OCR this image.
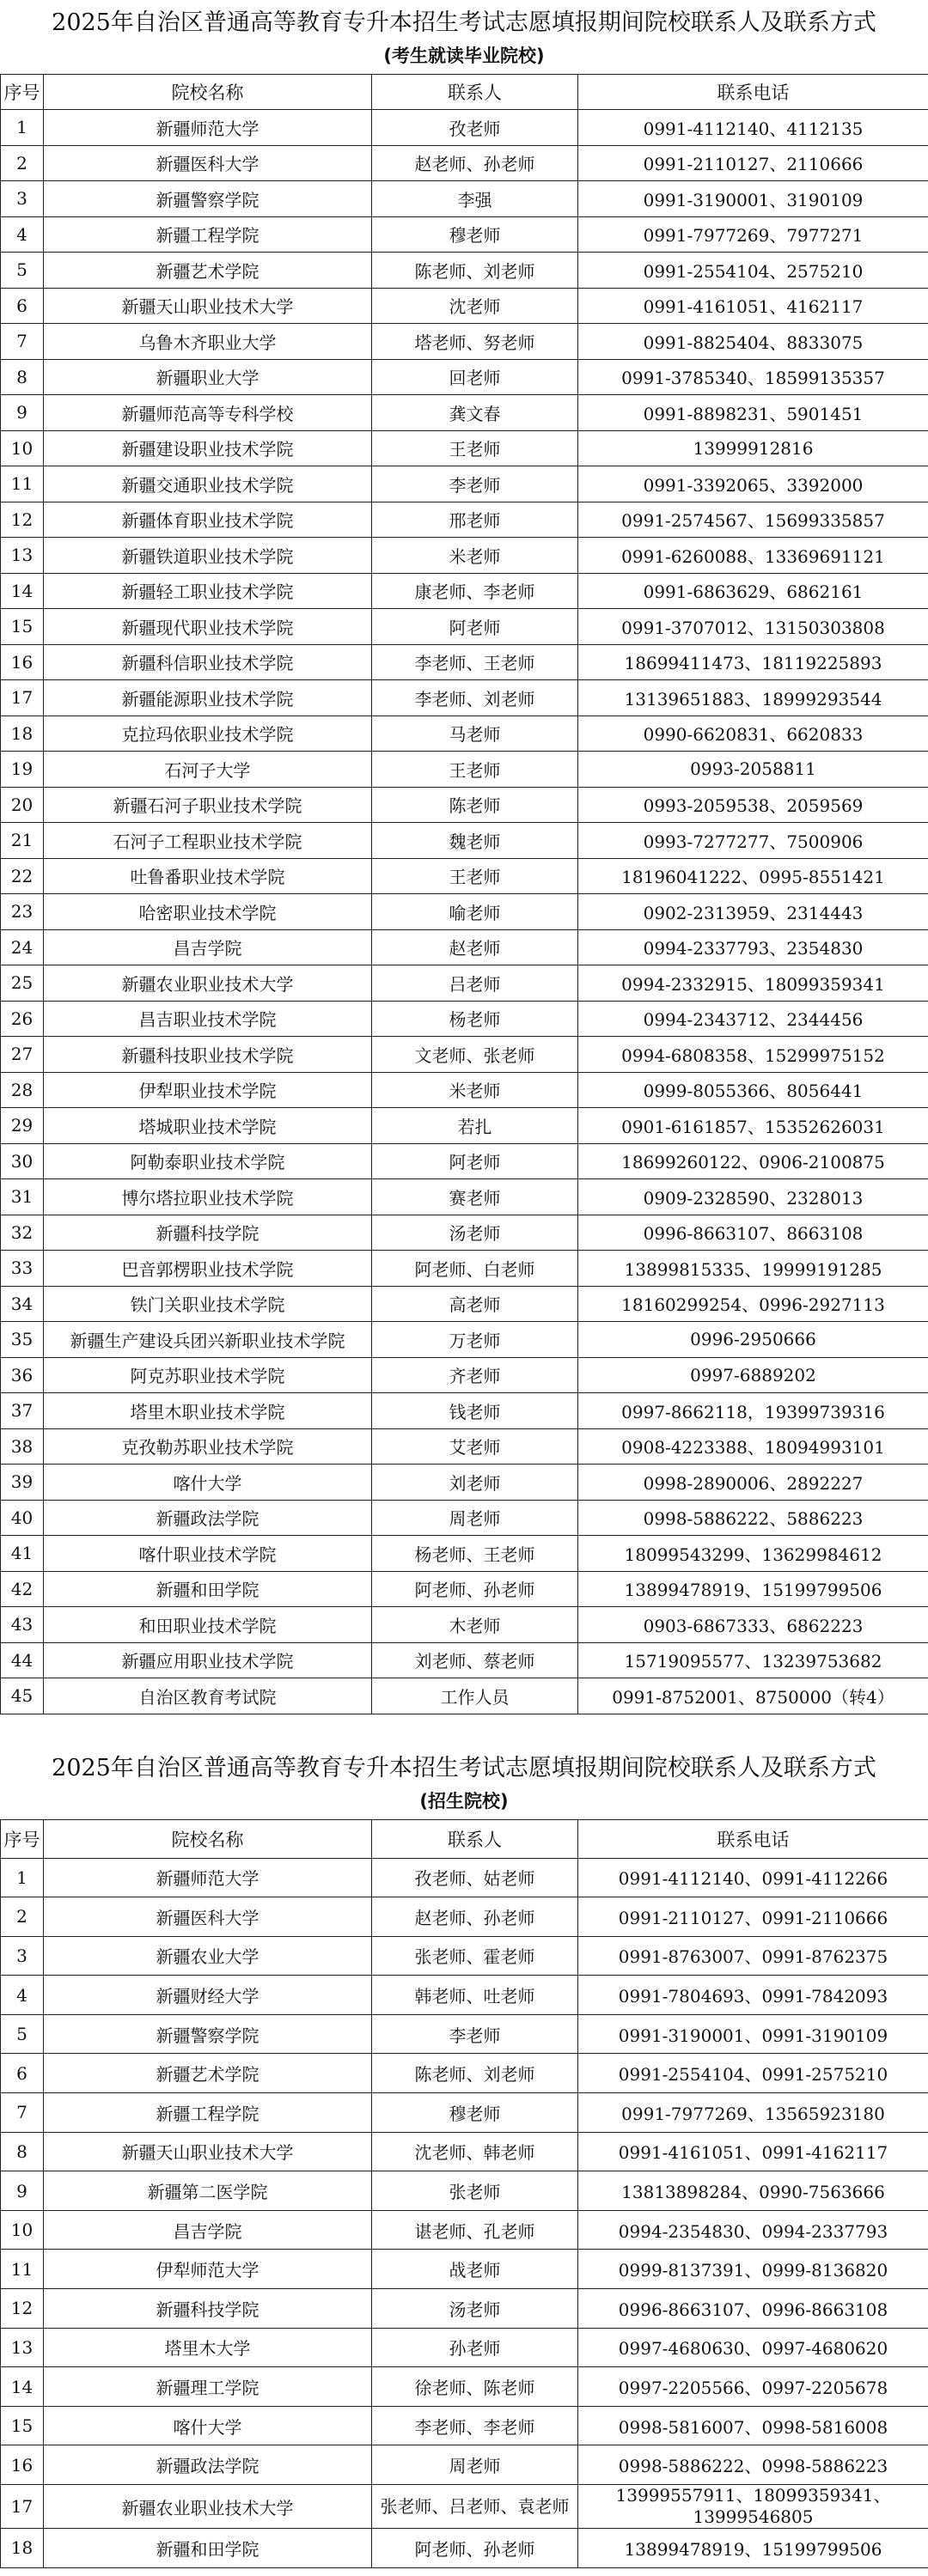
2025年自治区普通高等教育专升本招生考试志愿填报期间院校联系人及联系方式
(考生就读毕业院校)
序号	院校名称	联系人	联系电话
1	新疆师范大学	孜老师	0991-4112140、4112135
2	新疆医科大学	赵老师、孙老师	0991-2110127、2110666
3	新疆警察学院	李强	0991-3190001、3190109
4	新疆工程学院	穆老师	0991-7977269、7977271
5	新疆艺术学院	陈老师、刘老师	0991-2554104、2575210
6	新疆天山职业技术大学	沈老师	0991-4161051、4162117
7	乌鲁木齐职业大学	塔老师、努老师	0991-8825404、8833075
8	新疆职业大学	回老师	0991-3785340、18599135357
9	新疆师范高等专科学校	龚文春	0991-8898231、5901451
10	新疆建设职业技术学院	王老师	13999912816
11	新疆交通职业技术学院	李老师	0991-3392065、3392000
12	新疆体育职业技术学院	邢老师	0991-2574567、15699335857
13	新疆铁道职业技术学院	米老师	0991-6260088、13369691121
14	新疆轻工职业技术学院	康老师、李老师	0991-6863629、6862161
15	新疆现代职业技术学院	阿老师	0991-3707012、13150303808
16	新疆科信职业技术学院	李老师、王老师	18699411473、18119225893
17	新疆能源职业技术学院	李老师、刘老师	13139651883、18999293544
18	克拉玛依职业技术学院	马老师	0990-6620831、6620833
19	石河子大学	王老师	0993-2058811
20	新疆石河子职业技术学院	陈老师	0993-2059538、2059569
21	石河子工程职业技术学院	魏老师	0993-7277277、7500906
22	吐鲁番职业技术学院	王老师	18196041222、0995-8551421
23	哈密职业技术学院	喻老师	0902-2313959、2314443
24	昌吉学院	赵老师	0994-2337793、2354830
25	新疆农业职业技术大学	吕老师	0994-2332915、18099359341
26	昌吉职业技术学院	杨老师	0994-2343712、2344456
27	新疆科技职业技术学院	文老师、张老师	0994-6808358、15299975152
28	伊犁职业技术学院	米老师	0999-8055366、8056441
29	塔城职业技术学院	若扎	0901-6161857、15352626031
30	阿勒泰职业技术学院	阿老师	18699260122、0906-2100875
31	博尔塔拉职业技术学院	赛老师	0909-2328590、2328013
32	新疆科技学院	汤老师	0996-8663107、8663108
33	巴音郭楞职业技术学院	阿老师、白老师	13899815335、19999191285
34	铁门关职业技术学院	高老师	18160299254、0996-2927113
35	新疆生产建设兵团兴新职业技术学院	万老师	0996-2950666
36	阿克苏职业技术学院	齐老师	0997-6889202
37	塔里木职业技术学院	钱老师	0997-8662118，19399739316
38	克孜勒苏职业技术学院	艾老师	0908-4223388、18094993101
39	喀什大学	刘老师	0998-2890006、2892227
40	新疆政法学院	周老师	0998-5886222、5886223
41	喀什职业技术学院	杨老师、王老师	18099543299、13629984612
42	新疆和田学院	阿老师、孙老师	13899478919、15199799506
43	和田职业技术学院	木老师	0903-6867333、6862223
44	新疆应用职业技术学院	刘老师、蔡老师	15719095577、13239753682
45	自治区教育考试院	工作人员	0991-8752001、8750000（转4）
2025年自治区普通高等教育专升本招生考试志愿填报期间院校联系人及联系方式
(招生院校)
序号	院校名称	联系人	联系电话
1	新疆师范大学	孜老师、姑老师	0991-4112140、0991-4112266
2	新疆医科大学	赵老师、孙老师	0991-2110127、0991-2110666
3	新疆农业大学	张老师、霍老师	0991-8763007、0991-8762375
4	新疆财经大学	韩老师、吐老师	0991-7804693、0991-7842093
5	新疆警察学院	李老师	0991-3190001、0991-3190109
6	新疆艺术学院	陈老师、刘老师	0991-2554104、0991-2575210
7	新疆工程学院	穆老师	0991-7977269、13565923180
8	新疆天山职业技术大学	沈老师、韩老师	0991-4161051、0991-4162117
9	新疆第二医学院	张老师	13813898284、0990-7563666
10	昌吉学院	谌老师、孔老师	0994-2354830、0994-2337793
11	伊犁师范大学	战老师	0999-8137391、0999-8136820
12	新疆科技学院	汤老师	0996-8663107、0996-8663108
13	塔里木大学	孙老师	0997-4680630、0997-4680620
14	新疆理工学院	徐老师、陈老师	0997-2205566、0997-2205678
15	喀什大学	李老师、李老师	0998-5816007、0998-5816008
16	新疆政法学院	周老师	0998-5886222、0998-5886223
17	新疆农业职业技术大学	张老师、吕老师、袁老师	13999557911、18099359341、13999546805
18	新疆和田学院	阿老师、孙老师	13899478919、15199799506
